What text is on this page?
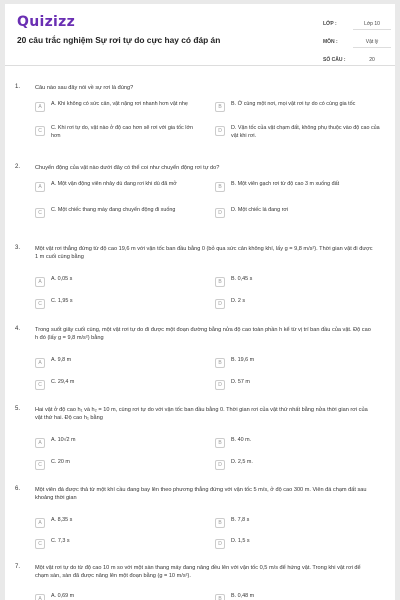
Quizizz
20 câu trắc nghiệm Sự rơi tự do cực hay có đáp án
LỚP :	Lớp 10
MÔN :	Vật lý
SỐ CÂU :	20
1.	Câu nào sau đây nói về sự rơi là đúng?
A	A. Khi không có sức cản, vật nặng rơi nhanh hơn vật nhẹ	B	B. Ở cùng một nơi, mọi vật rơi tự do có cùng gia tốc
C	C. Khi rơi tự do, vật nào ở độ cao hơn sẽ rơi với gia tốc lớn hơn
D	D. Vận tốc của vật chạm đất, không phụ thuộc vào độ cao của vật khi rơi.
2.	Chuyển động của vật nào dưới đây có thể coi như chuyển động rơi tự do?
A	A. Một vận động viên nhảy dù đang rơi khi dù đã mở	B	B. Một viên gạch rơi từ độ cao 3 m xuống đất
C	C. Một chiếc thang máy đang chuyển động đi xuống	D	D. Một chiếc lá đang rơi
3.	Một vật rơi thẳng đứng từ độ cao 19,6 m với vận tốc ban đầu bằng 0 (bỏ qua sức cản không khí, lấy g = 9,8 m/s²). Thời gian vật đi được 1 m cuối cùng bằng
A	A. 0,05 s	B	B. 0,45 s
C	C. 1,95 s	D	D. 2 s
4.	Trong suốt giây cuối cùng, một vật rơi tự do đi được một đoạn đường bằng nửa độ cao toàn phần h kể từ vị trí ban đầu của vật. Độ cao h đó (lấy g = 9,8 m/s²) bằng
A	A. 9,8 m	B	B. 19,6 m
C	C. 29,4 m	D	D. 57 m
5.	Hai vật ở độ cao h₁ và h₂ = 10 m, cùng rơi tự do với vận tốc ban đầu bằng 0. Thời gian rơi của vật thứ nhất bằng nửa thời gian rơi của vật thứ hai. Độ cao h₁ bằng
A	A. 10√2 m	B	B. 40 m.
C	C. 20 m	D	D. 2,5 m.
6.	Một viên đá được thả từ một khí cầu đang bay lên theo phương thẳng đứng với vận tốc 5 m/s, ở độ cao 300 m. Viên đá chạm đất sau khoảng thời gian
A	A. 8,35 s	B	B. 7,8 s
C	C. 7,3 s	D	D. 1,5 s
7.	Một vật rơi tự do từ độ cao 10 m so với một sàn thang máy đang nâng đều lên với vận tốc 0,5 m/s để hứng vật. Trong khi vật rơi để chạm sàn, sàn đã được nâng lên một đoạn bằng (g = 10 m/s²).
A	A. 0,69 m	B	B. 0,48 m
